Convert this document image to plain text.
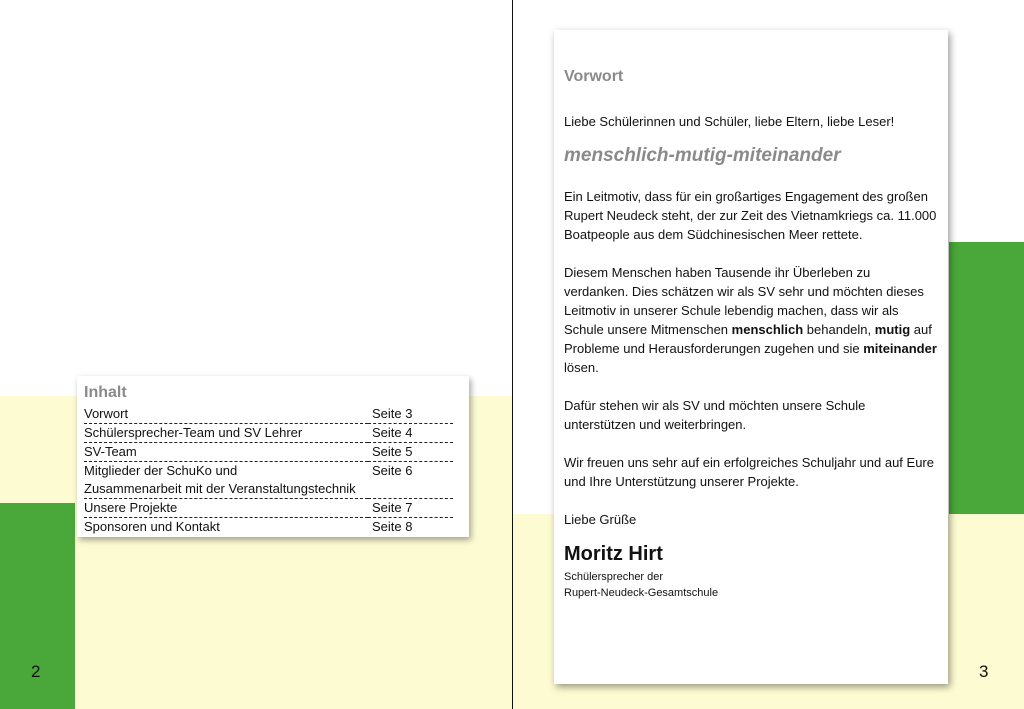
Inhalt
Vorwort	Seite 3
Schülersprecher-Team und SV Lehrer	Seite 4
SV-Team	Seite 5
Mitglieder der SchuKo und	Seite 6
Zusammenarbeit mit der Veranstaltungstechnik	
Unsere Projekte	Seite 7
Sponsoren und Kontakt	Seite 8
2
Vorwort
Liebe Schülerinnen und Schüler, liebe Eltern, liebe Leser!
menschlich-mutig-miteinander
Ein Leitmotiv, dass für ein großartiges Engagement des großen Rupert Neudeck steht, der zur Zeit des Vietnamkriegs ca. 11.000 Boatpeople aus dem Südchinesischen Meer rettete.
Diesem Menschen haben Tausende ihr Überleben zu verdanken. Dies schätzen wir als SV sehr und möchten dieses Leitmotiv in unserer Schule lebendig machen, dass wir als Schule unsere Mitmenschen menschlich behandeln, mutig auf Probleme und Herausforderungen zugehen und sie miteinander lösen.
Dafür stehen wir als SV und möchten unsere Schule unterstützen und weiterbringen.
Wir freuen uns sehr auf ein erfolgreiches Schuljahr und auf Eure und Ihre Unterstützung unserer Projekte.
Liebe Grüße
Moritz Hirt
Schülersprecher der
Rupert-Neudeck-Gesamtschule
3
